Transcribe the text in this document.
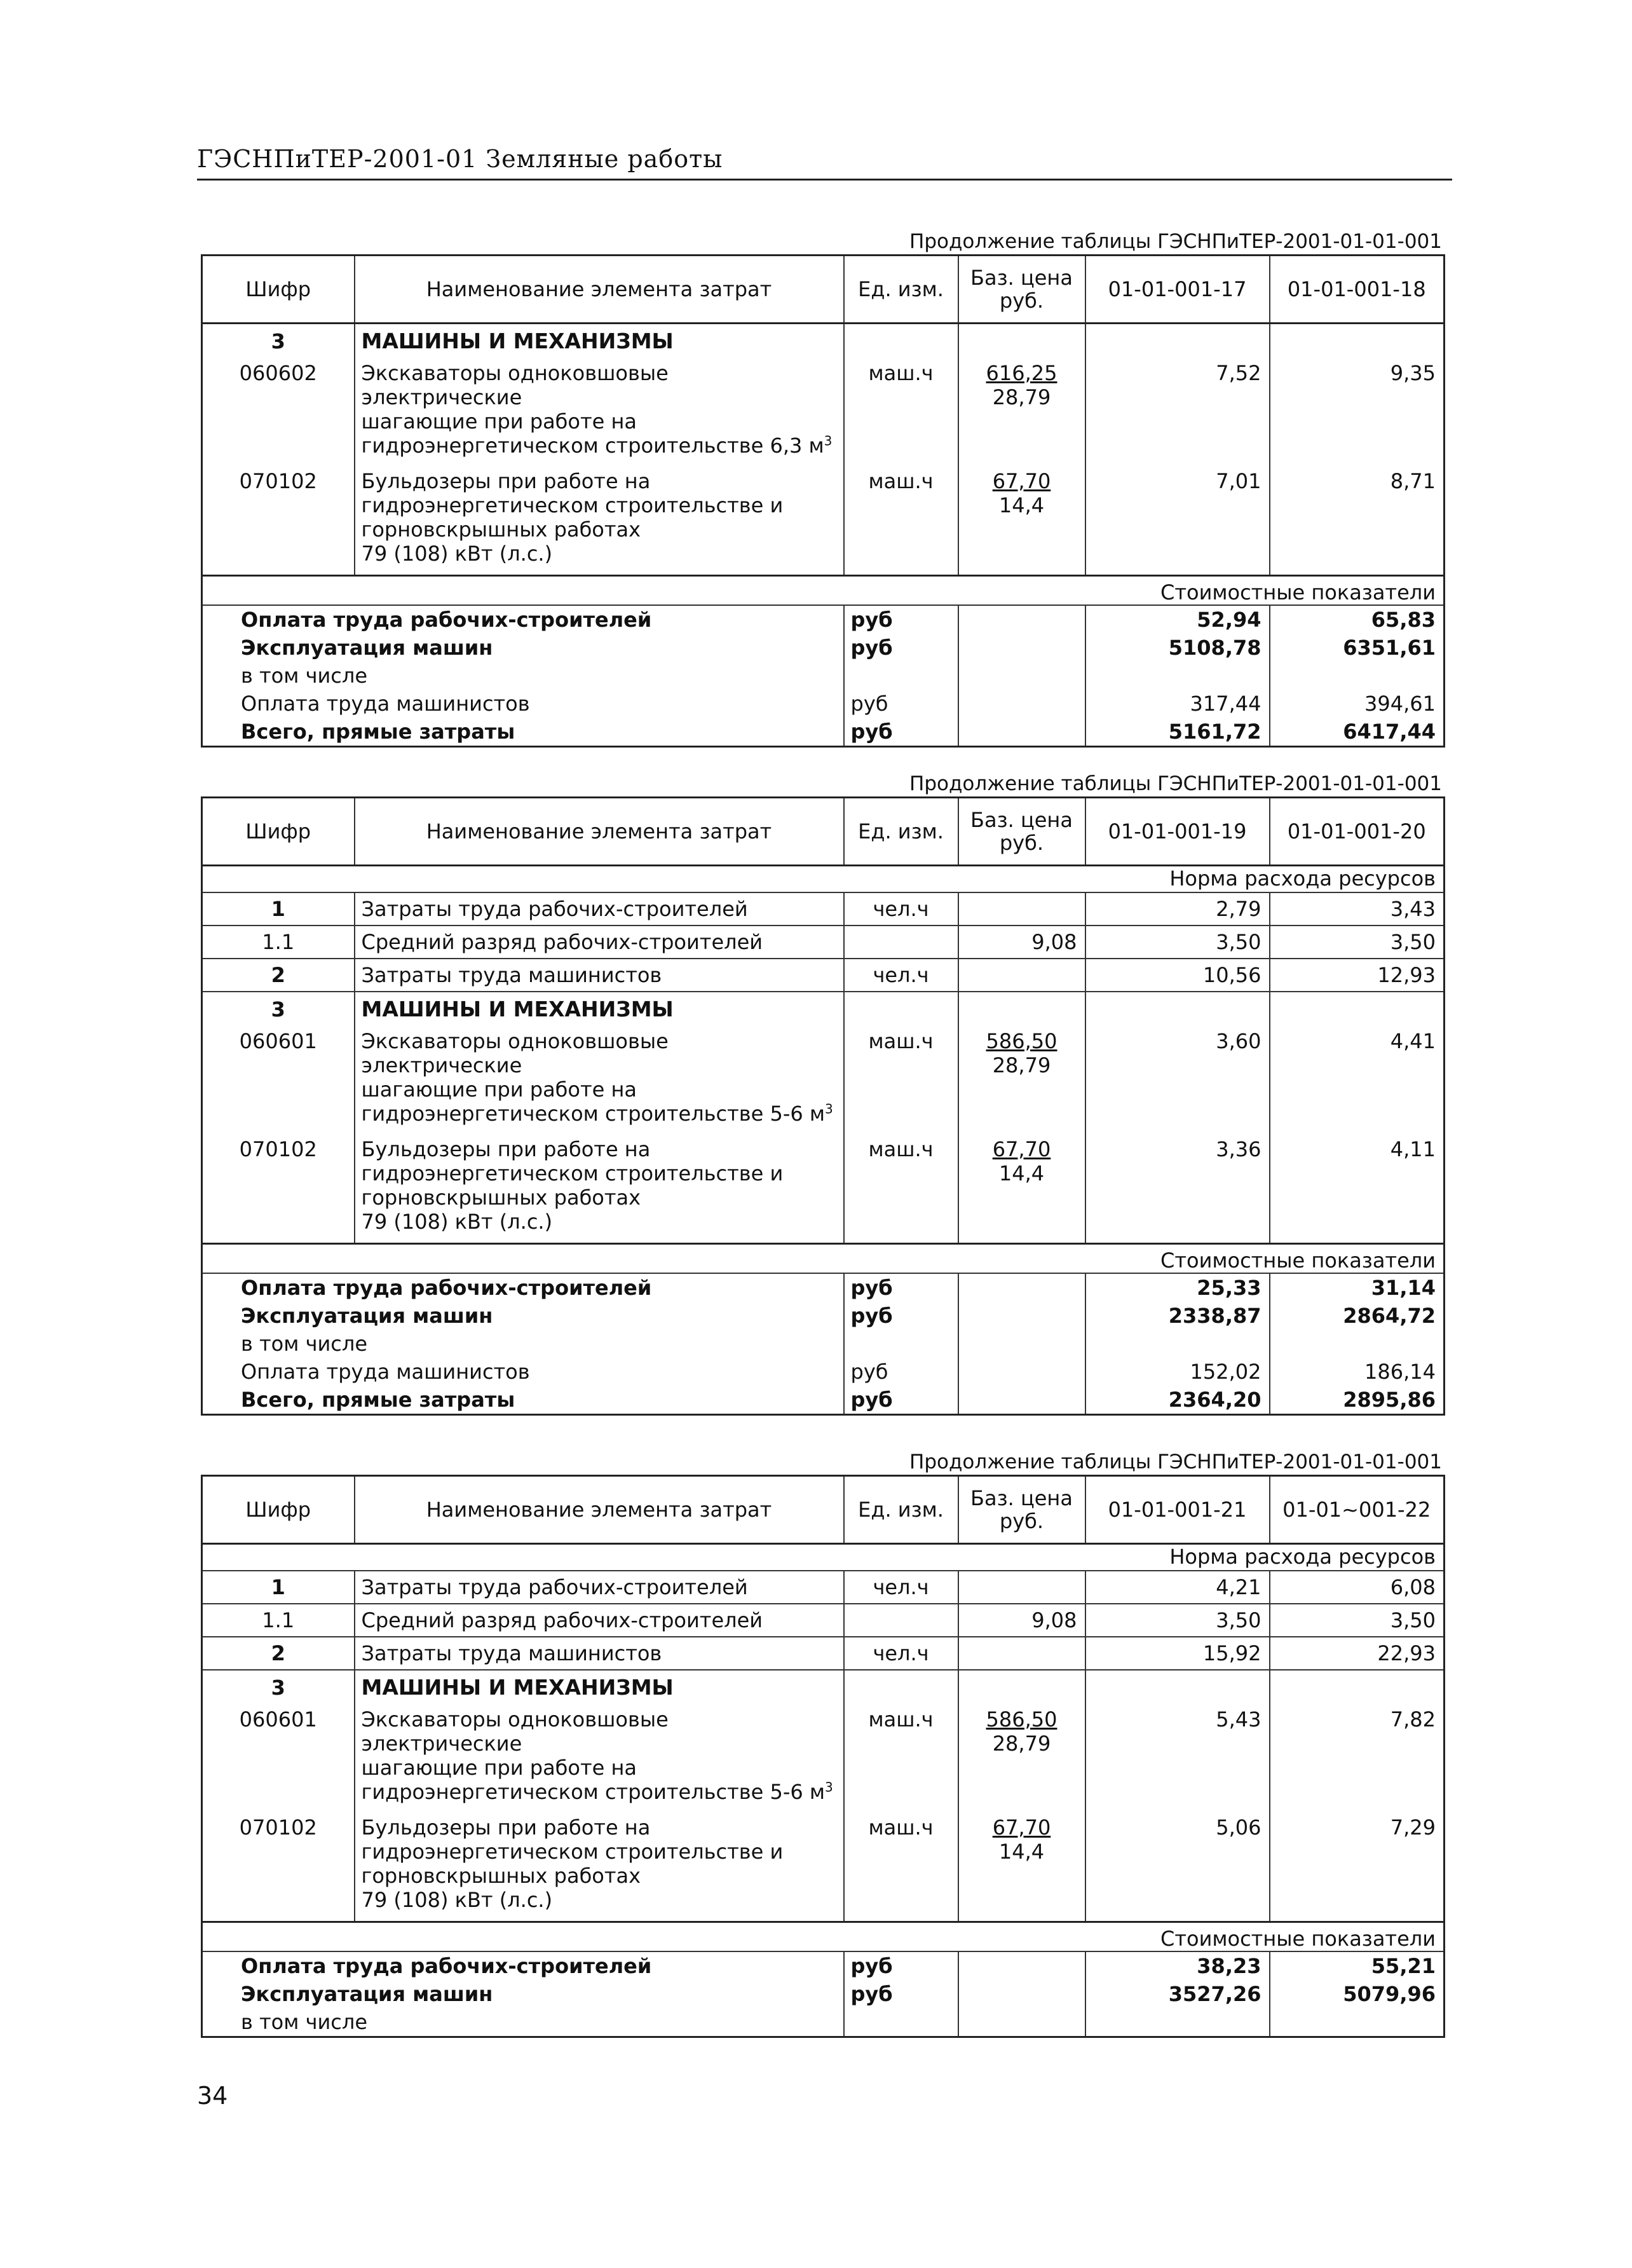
ГЭСНПиТЕР-2001-01 Земляные работы
Продолжение таблицы ГЭСНПиТЕР-2001-01-01-001
Шифр	Наименование элемента затрат	Ед. изм.	Баз. цена
руб.	01-01-001-17	01-01-001-18
3	МАШИНЫ И МЕХАНИЗМЫ				
060602	Экскаваторы одноковшовые электрические
шагающие при работе на
гидроэнергетическом строительстве 6,3 $м^3$	маш.ч	616,25
28,79	7,52	9,35
070102	Бульдозеры при работе на
гидроэнергетическом строительстве и
горновскрышных работах
79 (108) кВт (л.с.)	маш.ч	67,70
14,4	7,01	8,71
Стоимостные показатели					
Оплата труда рабочих-строителей		руб		52,94	65,83
Эксплуатация машин		руб		5108,78	6351,61
в том числе					
Оплата труда машинистов		руб		317,44	394,61
Всего, прямые затраты		руб		5161,72	6417,44
Продолжение таблицы ГЭСНПиТЕР-2001-01-01-001
Шифр	Наименование элемента затрат	Ед. изм.	Баз. цена
руб.	01-01-001-19	01-01-001-20
Норма расхода ресурсов					
1	Затраты труда рабочих-строителей	чел.ч		2,79	3,43
1.1	Средний разряд рабочих-строителей		9,08	3,50	3,50
2	Затраты труда машинистов	чел.ч		10,56	12,93
3	МАШИНЫ И МЕХАНИЗМЫ				
060601	Экскаваторы одноковшовые электрические
шагающие при работе на
гидроэнергетическом строительстве 5-6 $м^3$	маш.ч	586,50
28,79	3,60	4,41
070102	Бульдозеры при работе на
гидроэнергетическом строительстве и
горновскрышных работах
79 (108) кВт (л.с.)	маш.ч	67,70
14,4	3,36	4,11
Стоимостные показатели					
Оплата труда рабочих-строителей		руб		25,33	31,14
Эксплуатация машин		руб		2338,87	2864,72
в том числе					
Оплата труда машинистов		руб		152,02	186,14
Всего, прямые затраты		руб		2364,20	2895,86
Продолжение таблицы ГЭСНПиТЕР-2001-01-01-001
Шифр	Наименование элемента затрат	Ед. изм.	Баз. цена
руб.	01-01-001-21	01-01~001-22
Норма расхода ресурсов					
1	Затраты труда рабочих-строителей	чел.ч		4,21	6,08
1.1	Средний разряд рабочих-строителей		9,08	3,50	3,50
2	Затраты труда машинистов	чел.ч		15,92	22,93
3	МАШИНЫ И МЕХАНИЗМЫ				
060601	Экскаваторы одноковшовые электрические
шагающие при работе на
гидроэнергетическом строительстве 5-6 $м^3$	маш.ч	586,50
28,79	5,43	7,82
070102	Бульдозеры при работе на
гидроэнергетическом строительстве и
горновскрышных работах
79 (108) кВт (л.с.)	маш.ч	67,70
14,4	5,06	7,29
Стоимостные показатели					
Оплата труда рабочих-строителей		руб		38,23	55,21
Эксплуатация машин		руб		3527,26	5079,96
в том числе					
34
